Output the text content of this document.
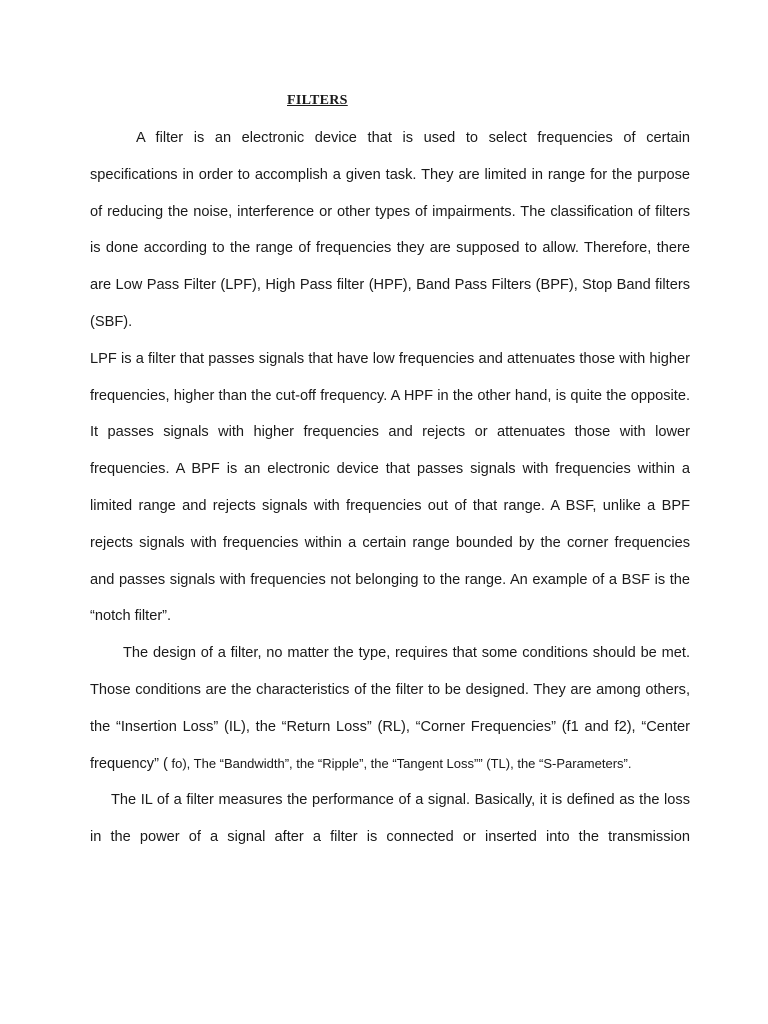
FILTERS

A filter is an electronic device that is used to select frequencies of certain specifications in order to accomplish a given task. They are limited in range for the purpose of reducing the noise, interference or other types of impairments. The classification of filters is done according to the range of frequencies they are supposed to allow. Therefore, there are Low Pass Filter (LPF), High Pass filter (HPF), Band Pass Filters (BPF), Stop Band filters (SBF).

LPF is a filter that passes signals that have low frequencies and attenuates those with higher frequencies, higher than the cut-off frequency. A HPF in the other hand, is quite the opposite. It passes signals with higher frequencies and rejects or attenuates those with lower frequencies. A BPF is an electronic device that passes signals with frequencies within a limited range and rejects signals with frequencies out of that range. A BSF, unlike a BPF rejects signals with frequencies within a certain range bounded by the corner frequencies and passes signals with frequencies not belonging to the range. An example of a BSF is the “notch filter”.

The design of a filter, no matter the type, requires that some conditions should be met. Those conditions are the characteristics of the filter to be designed. They are among others, the “Insertion Loss” (IL), the “Return Loss” (RL), “Corner Frequencies” (f1 and f2), “Center frequency” ( fo), The “Bandwidth”, the “Ripple”, the “Tangent Loss”” (TL), the “S-Parameters”.

The IL of a filter measures the performance of a signal. Basically, it is defined as the loss in the power of a signal after a filter is connected or inserted into the transmission
